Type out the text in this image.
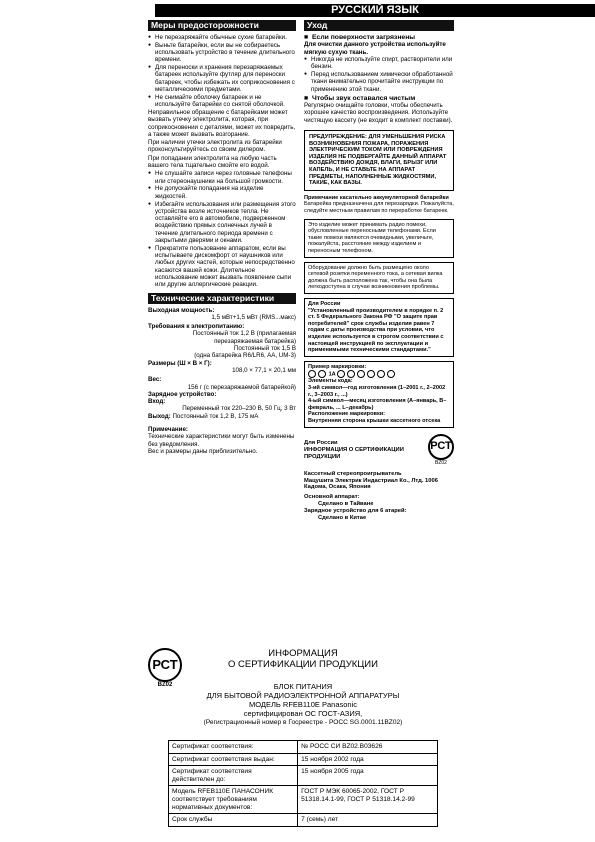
РУССКИЙ ЯЗЫК
Меры предосторожности
● Не перезаряжайте обычные сухие батарейки.
● Выньте батарейки, если вы не собираетесь использовать устройство в течение длительного времени.
● Для переноски и хранения перезаряжаемых батареек используйте футляр для переноски батареек, чтобы избежать их соприкосновения с металлическими предметами.
● Не снимайте оболочку батареек и не используйте батарейки со снятой оболочкой.
Неправильное обращение с батарейками может вызвать утечку электролита, которая, при соприкосновении с деталями, может их повредить, а также может вызвать возгорание.
При наличии утечки электролита из батарейки проконсультируйтесь со своим дилером.
При попадании электролита на любую часть вашего тела тщательно смойте его водой.
● Не слушайте записи через головные телефоны или стереонаушники на большой громкости.
● Не допускайте попадания на изделие жидкостей.
● Избегайте использования или размещения этого устройства возле источников тепла. Не оставляйте его в автомобиле, подверженном воздействию прямых солнечных лучей в течение длительного периода времени с закрытыми дверями и окнами.
● Прекратите пользование аппаратом, если вы испытываете дискомфорт от наушников или любых других частей, которые непосредственно касаются вашей кожи. Длительное использование может вызвать появление сыпи или другие аллергические реакции.
Технические характеристики
Выходная мощность:
1,5 мВт+1,5 мВт (RMS...макс)
Требования к электропитанию:
Постоянный ток 1,2 В (прилагаемая перезаряжаемая батарейка)
Постоянный ток 1,5 В
(одна батарейка R6/LR6, AA, UM-3)
Размеры (Ш × В × Г):
108,0 × 77,1 × 20,1 мм
Вес:
156 г (с перезаряжаемой батарейкой)
Зарядное устройство:
Вход:
Переменный ток 220–230 В, 50 Гц, 3 Вт
Выход: Постоянный ток 1,2 В, 175 мА
Примечание:
Технические характеристики могут быть изменены без уведомления.
Вес и размеры даны приблизительно.
Уход
■ Если поверхности загрязнены
Для очистки данного устройства используйте мягкую сухую ткань.
● Никогда не используйте спирт, растворители или бензин.
● Перед использованием химически обработанной ткани внимательно прочитайте инструкции по применению этой ткани.
■ Чтобы звук оставался чистым
Регулярно очищайте головки, чтобы обеспечить хорошее качество воспроизведения. Используйте чистящую кассету (не входит в комплект поставки).
ПРЕДУПРЕЖДЕНИЕ: ДЛЯ УМЕНЬШЕНИЯ РИСКА ВОЗНИКНОВЕНИЯ ПОЖАРА, ПОРАЖЕНИЯ ЭЛЕКТРИЧЕСКИМ ТОКОМ ИЛИ ПОВРЕЖДЕНИЯ ИЗДЕЛИЯ НЕ ПОДВЕРГАЙТЕ ДАННЫЙ АППАРАТ ВОЗДЕЙСТВИЮ ДОЖДЯ, ВЛАГИ, БРЫЗГ ИЛИ КАПЕЛЬ, И НЕ СТАВЬТЕ НА АППАРАТ ПРЕДМЕТЫ, НАПОЛНЕННЫЕ ЖИДКОСТЯМИ, ТАКИЕ, КАК ВАЗЫ.
Примечание касательно аккумуляторной батарейки
Батарейка предназначена для перезарядки. Пожалуйста, следуйте местным правилам по переработке батареек.
Это изделие может принимать радио помехи, обусловленные переносными телефонами. Если такие помехи являются очевидными, увеличьте, пожалуйста, расстояние между изделием и переносным телефоном.
Оборудование должно быть размещено около сетевой розетки переменного тока, а сетевая вилка должна быть расположена так, чтобы она была легкодоступна в случае возникновения проблемы.
Для России
"Установленный производителем в порядке п. 2 ст. 5 Федерального Закона РФ "О защите прав потребителей" срок службы изделия равен 7 годам с даты производства при условии, что изделие используется в строгом соответствии с настоящей инструкцией по эксплуатации и применимыми техническими стандартами."
Пример маркировки:
1A
Элементы кода:
3-ий символ—год изготовления (1–2001 г., 2–2002 г., 3–2003 г., ...)
4-ый символ—месяц изготовления (А–январь, В–февраль, ... L–декабрь)
Расположение маркировки:
Внутренняя сторона крышки кассетного отсека
Для России
ИНФОРМАЦИЯ О СЕРТИФИКАЦИИ ПРОДУКЦИИ
РСТ
BZ02
Кассетный стереопроигрыватель
Мацушита Электрик Индастриал Ко., Лтд. 1006 Кадома, Осака, Япония
Основной аппарат:
Сделано в Тайване
Зарядное устройство для 6 атарей:
Сделано в Китае
РСТ
BZ02
ИНФОРМАЦИЯ
О СЕРТИФИКАЦИИ ПРОДУКЦИИ
БЛОК ПИТАНИЯ
ДЛЯ БЫТОВОЙ РАДИОЭЛЕКТРОННОЙ АППАРАТУРЫ
МОДЕЛЬ RFEB110E Panasonic
сертифицирован ОС ГОСТ-АЗИЯ,
(Регистрационный номер в Госреестре - РОСС SG.0001.11BZ02)
Сертификат соответствия:	№ РОСС СИ BZ02.B03626
Сертификат соответствия выдан:	15 ноября 2002 года
Сертификат соответствия действителен до:	15 ноября 2005 года
Модель RFEB110E ПАНАСОНИК соответствует требованиям нормативных документов:	ГОСТ Р МЭК 60065-2002, ГОСТ Р 51318.14.1-99, ГОСТ Р 51318.14.2-99
Срок службы	7 (семь) лет
